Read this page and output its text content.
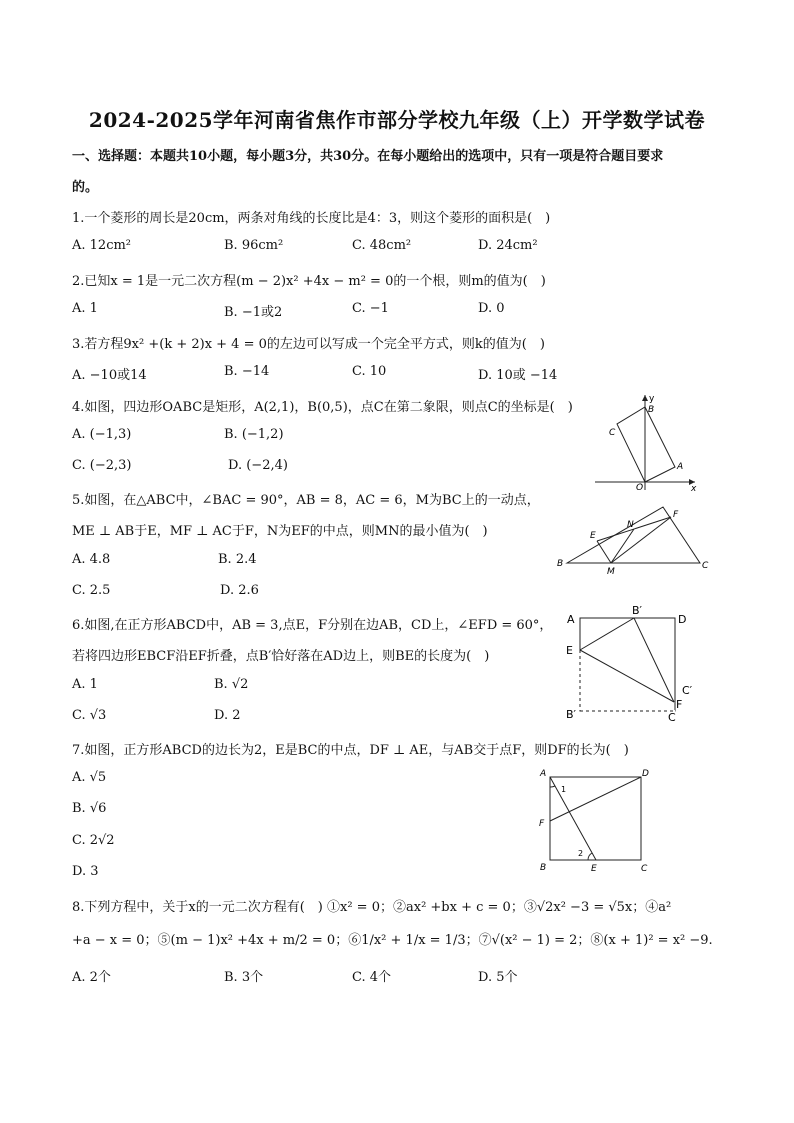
2024-2025学年河南省焦作市部分学校九年级（上）开学数学试卷
一、选择题：本题共10小题，每小题3分，共30分。在每小题给出的选项中，只有一项是符合题目要求
的。
1.一个菱形的周长是20cm，两条对角线的长度比是4：3，则这个菱形的面积是(　)
A. 12cm²	B. 96cm²	C. 48cm²	D. 24cm²
2.已知x = 1是一元二次方程(m − 2)x² +4x − m² = 0的一个根，则m的值为(　)
A. 1	B. −1或2	C. −1	D. 0
3.若方程9x² +(k + 2)x + 4 = 0的左边可以写成一个完全平方式，则k的值为(　)
A. −10或14	B. −14	C. 10	D. 10或 −14
4.如图，四边形OABC是矩形，A(2,1)，B(0,5)，点C在第二象限，则点C的坐标是(　)
A. (−1,3)	B. (−1,2)
C. (−2,3)	D. (−2,4)
y
B
C
A
O	x
5.如图，在△ABC中，∠BAC = 90°，AB = 8，AC = 6，M为BC上的一动点，
ME ⊥ AB于E，MF ⊥ AC于F，N为EF的中点，则MN的最小值为(　)
A. 4.8	B. 2.4
C. 2.5	D. 2.6
F
N
E
B
M
C
6.如图,在正方形ABCD中，AB = 3,点E，F分别在边AB，CD上，∠EFD = 60°，
若将四边形EBCF沿EF折叠，点B′恰好落在AD边上，则BE的长度为(　)
A. 1	B. √2
C. √3	D. 2
A
B′
D
E
C′
F
B′	C
7.如图，正方形ABCD的边长为2，E是BC的中点，DF ⊥ AE，与AB交于点F，则DF的长为(　)
A. √5
B. √6
C. 2√2
D. 3
A	D
1
F
2
B	E	C
8.下列方程中，关于x的一元二次方程有(　) ①x² = 0；②ax² +bx + c = 0；③√2x² −3 = √5x；④a²
+a − x = 0；⑤(m − 1)x² +4x + m/2 = 0；⑥1/x² + 1/x = 1/3；⑦√(x² − 1) = 2；⑧(x + 1)² = x² −9.
A. 2个	B. 3个	C. 4个	D. 5个
